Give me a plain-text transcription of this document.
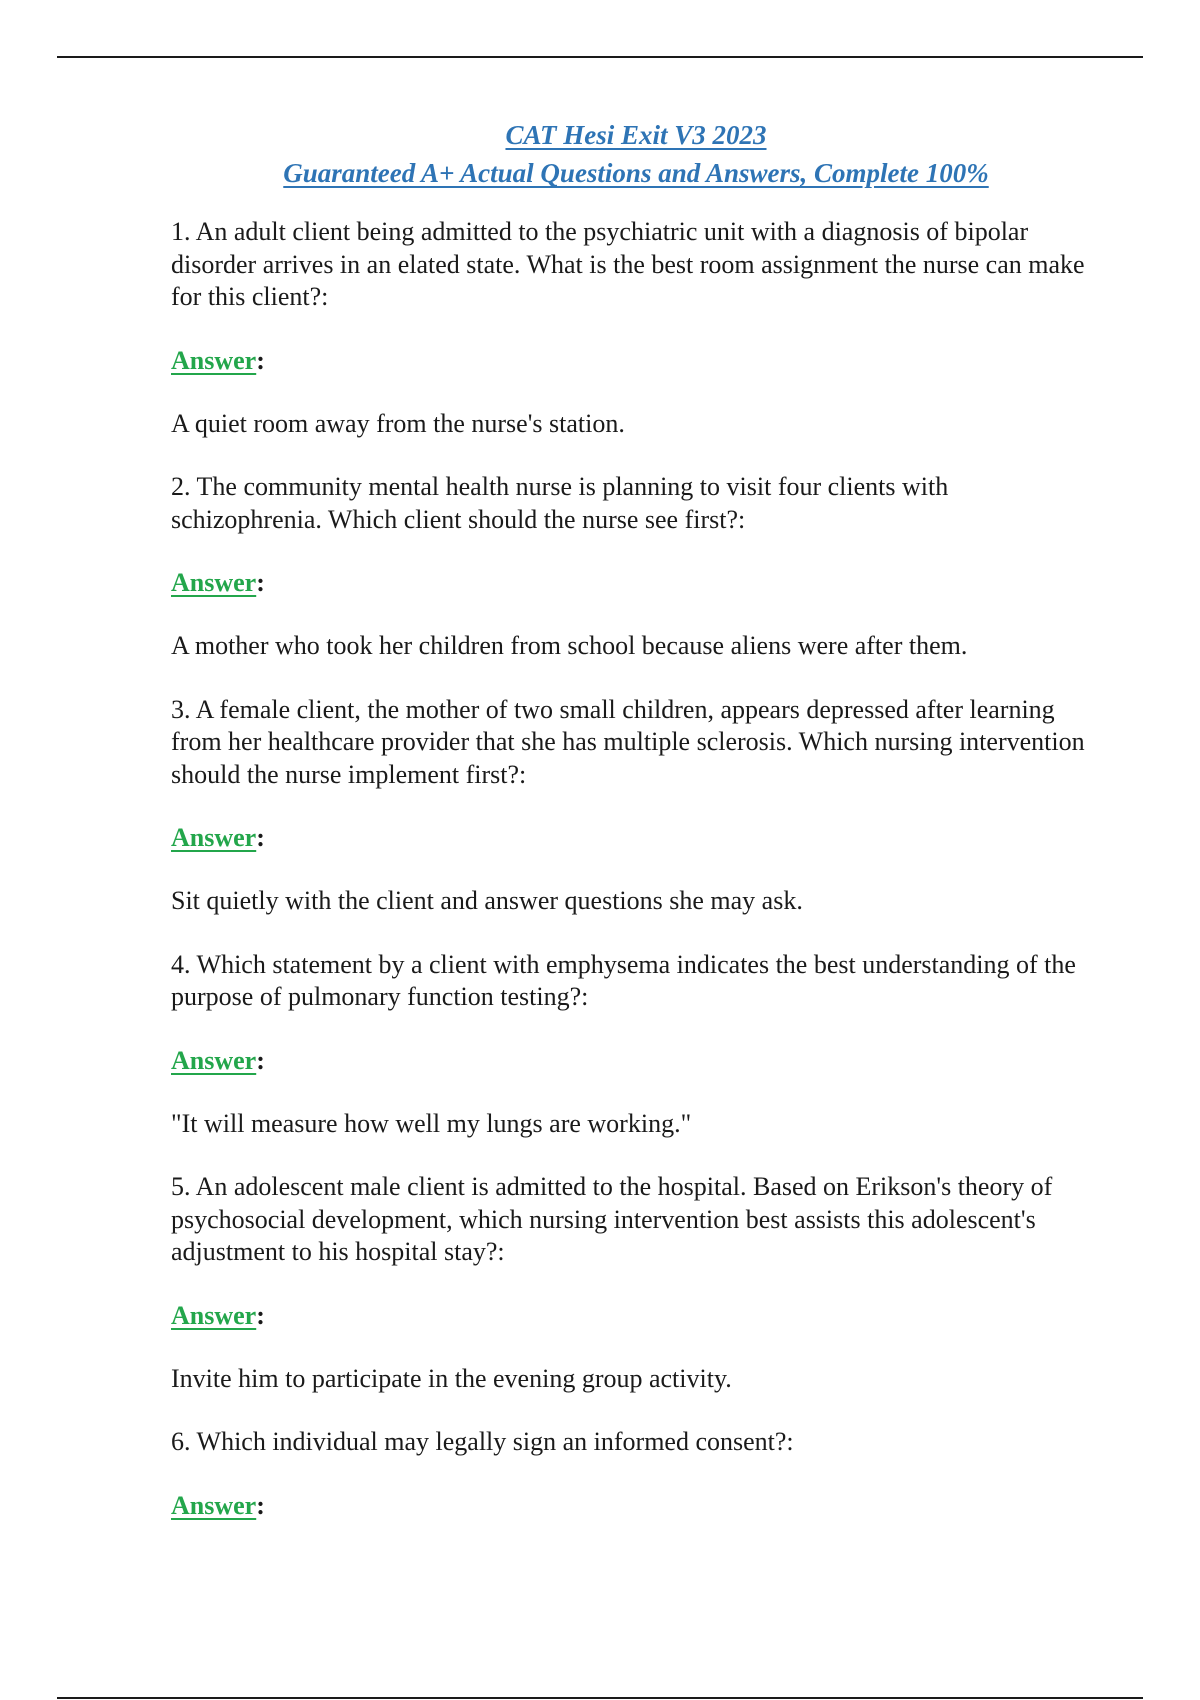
CAT Hesi Exit V3 2023
Guaranteed A+ Actual Questions and Answers, Complete 100%

1. An adult client being admitted to the psychiatric unit with a diagnosis of bipolar disorder arrives in an elated state. What is the best room assignment the nurse can make for this client?:

Answer:

A quiet room away from the nurse's station.

2. The community mental health nurse is planning to visit four clients with schizophrenia. Which client should the nurse see first?:

Answer:

A mother who took her children from school because aliens were after them.

3. A female client, the mother of two small children, appears depressed after learning from her healthcare provider that she has multiple sclerosis. Which nursing intervention should the nurse implement first?:

Answer:

Sit quietly with the client and answer questions she may ask.

4. Which statement by a client with emphysema indicates the best understanding of the purpose of pulmonary function testing?:

Answer:

"It will measure how well my lungs are working."

5. An adolescent male client is admitted to the hospital. Based on Erikson's theory of psychosocial development, which nursing intervention best assists this adolescent's adjustment to his hospital stay?:

Answer:

Invite him to participate in the evening group activity.

6. Which individual may legally sign an informed consent?:

Answer:
